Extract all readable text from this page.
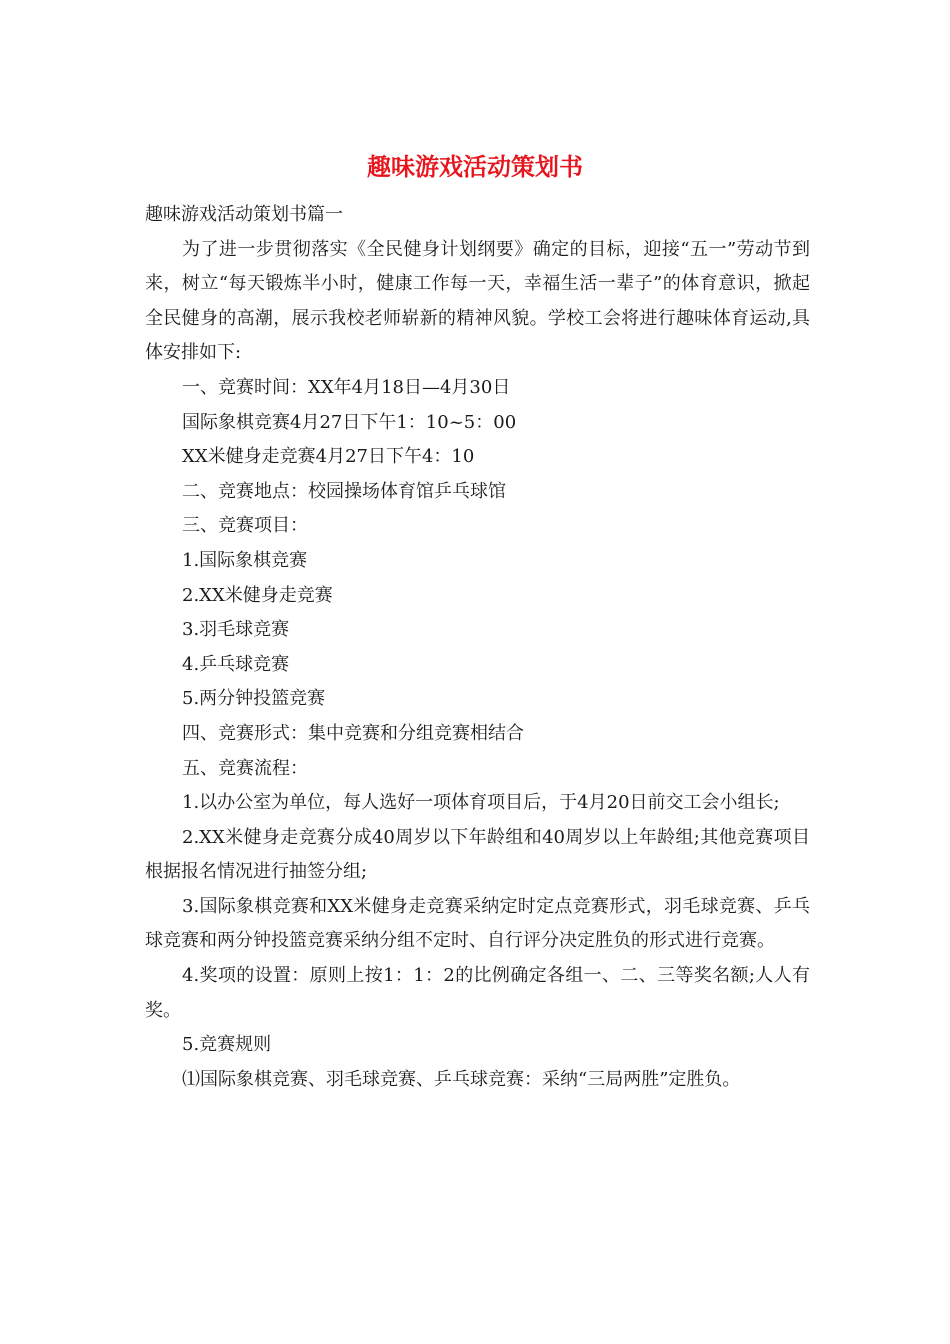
趣味游戏活动策划书

趣味游戏活动策划书篇一

为了进一步贯彻落实《全民健身计划纲要》确定的目标，迎接“五一”劳动节到来，树立“每天锻炼半小时，健康工作每一天，幸福生活一辈子”的体育意识，掀起全民健身的高潮，展示我校老师崭新的精神风貌。学校工会将进行趣味体育运动,具体安排如下:

一、竞赛时间：XX年4月18日—4月30日

国际象棋竞赛4月27日下午1：10~5：00

XX米健身走竞赛4月27日下午4：10

二、竞赛地点：校园操场体育馆乒乓球馆

三、竞赛项目：

1.国际象棋竞赛

2.XX米健身走竞赛

3.羽毛球竞赛

4.乒乓球竞赛

5.两分钟投篮竞赛

四、竞赛形式：集中竞赛和分组竞赛相结合

五、竞赛流程：

1.以办公室为单位，每人选好一项体育项目后，于4月20日前交工会小组长;

2.XX米健身走竞赛分成40周岁以下年龄组和40周岁以上年龄组;其他竞赛项目根据报名情况进行抽签分组;

3.国际象棋竞赛和XX米健身走竞赛采纳定时定点竞赛形式，羽毛球竞赛、乒乓球竞赛和两分钟投篮竞赛采纳分组不定时、自行评分决定胜负的形式进行竞赛。

4.奖项的设置：原则上按1：1：2的比例确定各组一、二、三等奖名额;人人有奖。

5.竞赛规则

⑴国际象棋竞赛、羽毛球竞赛、乒乓球竞赛：采纳“三局两胜”定胜负。
